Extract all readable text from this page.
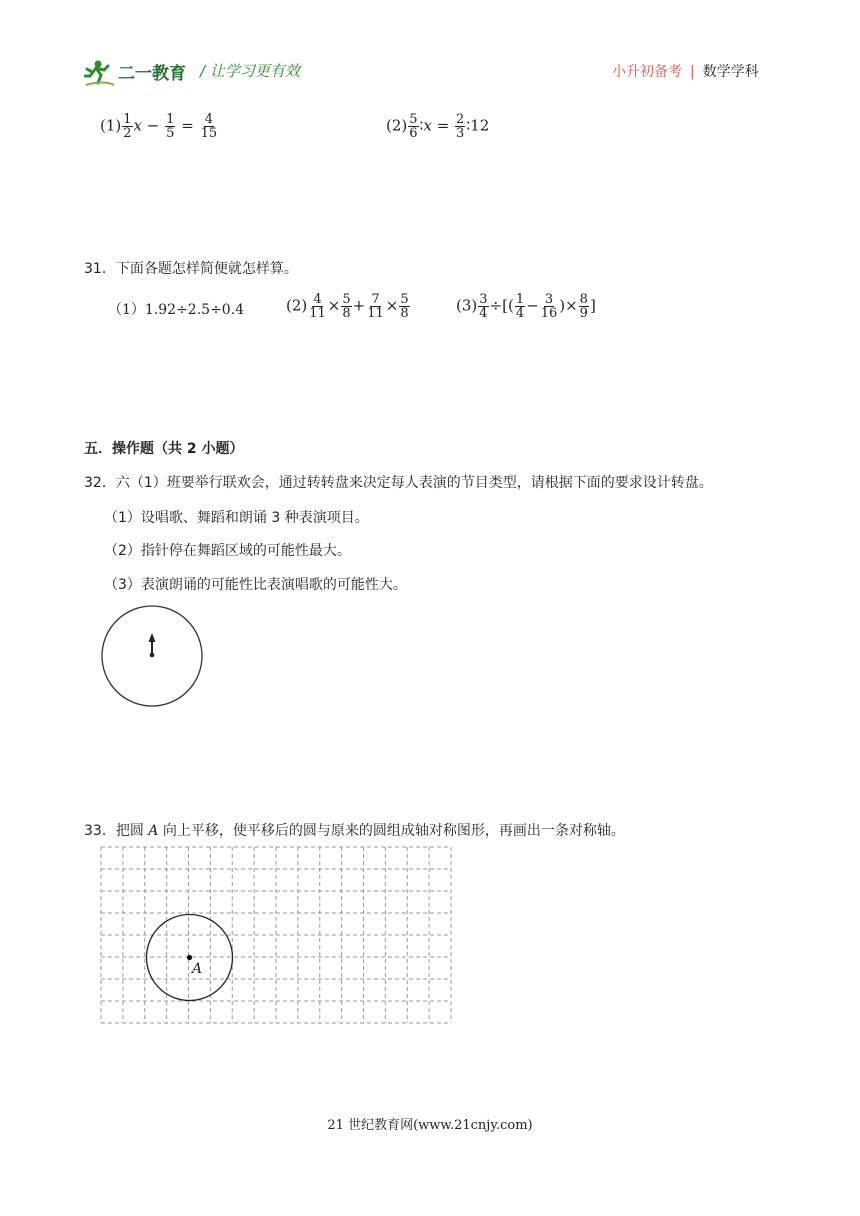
二一教育 / 让学习更有效	小升初备考 | 数学学科
$(1) \frac{1}{2}$ $x - \frac{1}{5} = \frac{4}{15}$	$(2) \frac{5}{6}$ ∶x = $\frac{2}{3}$ ∶12
31．下面各题怎样简便就怎样算。
（1）1.92÷2.5÷0.4	$(2) \frac{4}{11} \times \frac{5}{8} + \frac{7}{11} \times \frac{5}{8}$	$(3) \frac{3}{4}$ ÷[( $\frac{1}{4} - \frac{3}{16}$ )× $\frac{8}{9}$ ]
五．操作题（共 2 小题）
32．六（1）班要举行联欢会，通过转转盘来决定每人表演的节目类型，请根据下面的要求设计转盘。
（1）设唱歌、舞蹈和朗诵 3 种表演项目。
（2）指针停在舞蹈区域的可能性最大。
（3）表演朗诵的可能性比表演唱歌的可能性大。
33．把圆 A 向上平移，使平移后的圆与原来的圆组成轴对称图形，再画出一条对称轴。
A
21 世纪教育网(www.21cnjy.com)
